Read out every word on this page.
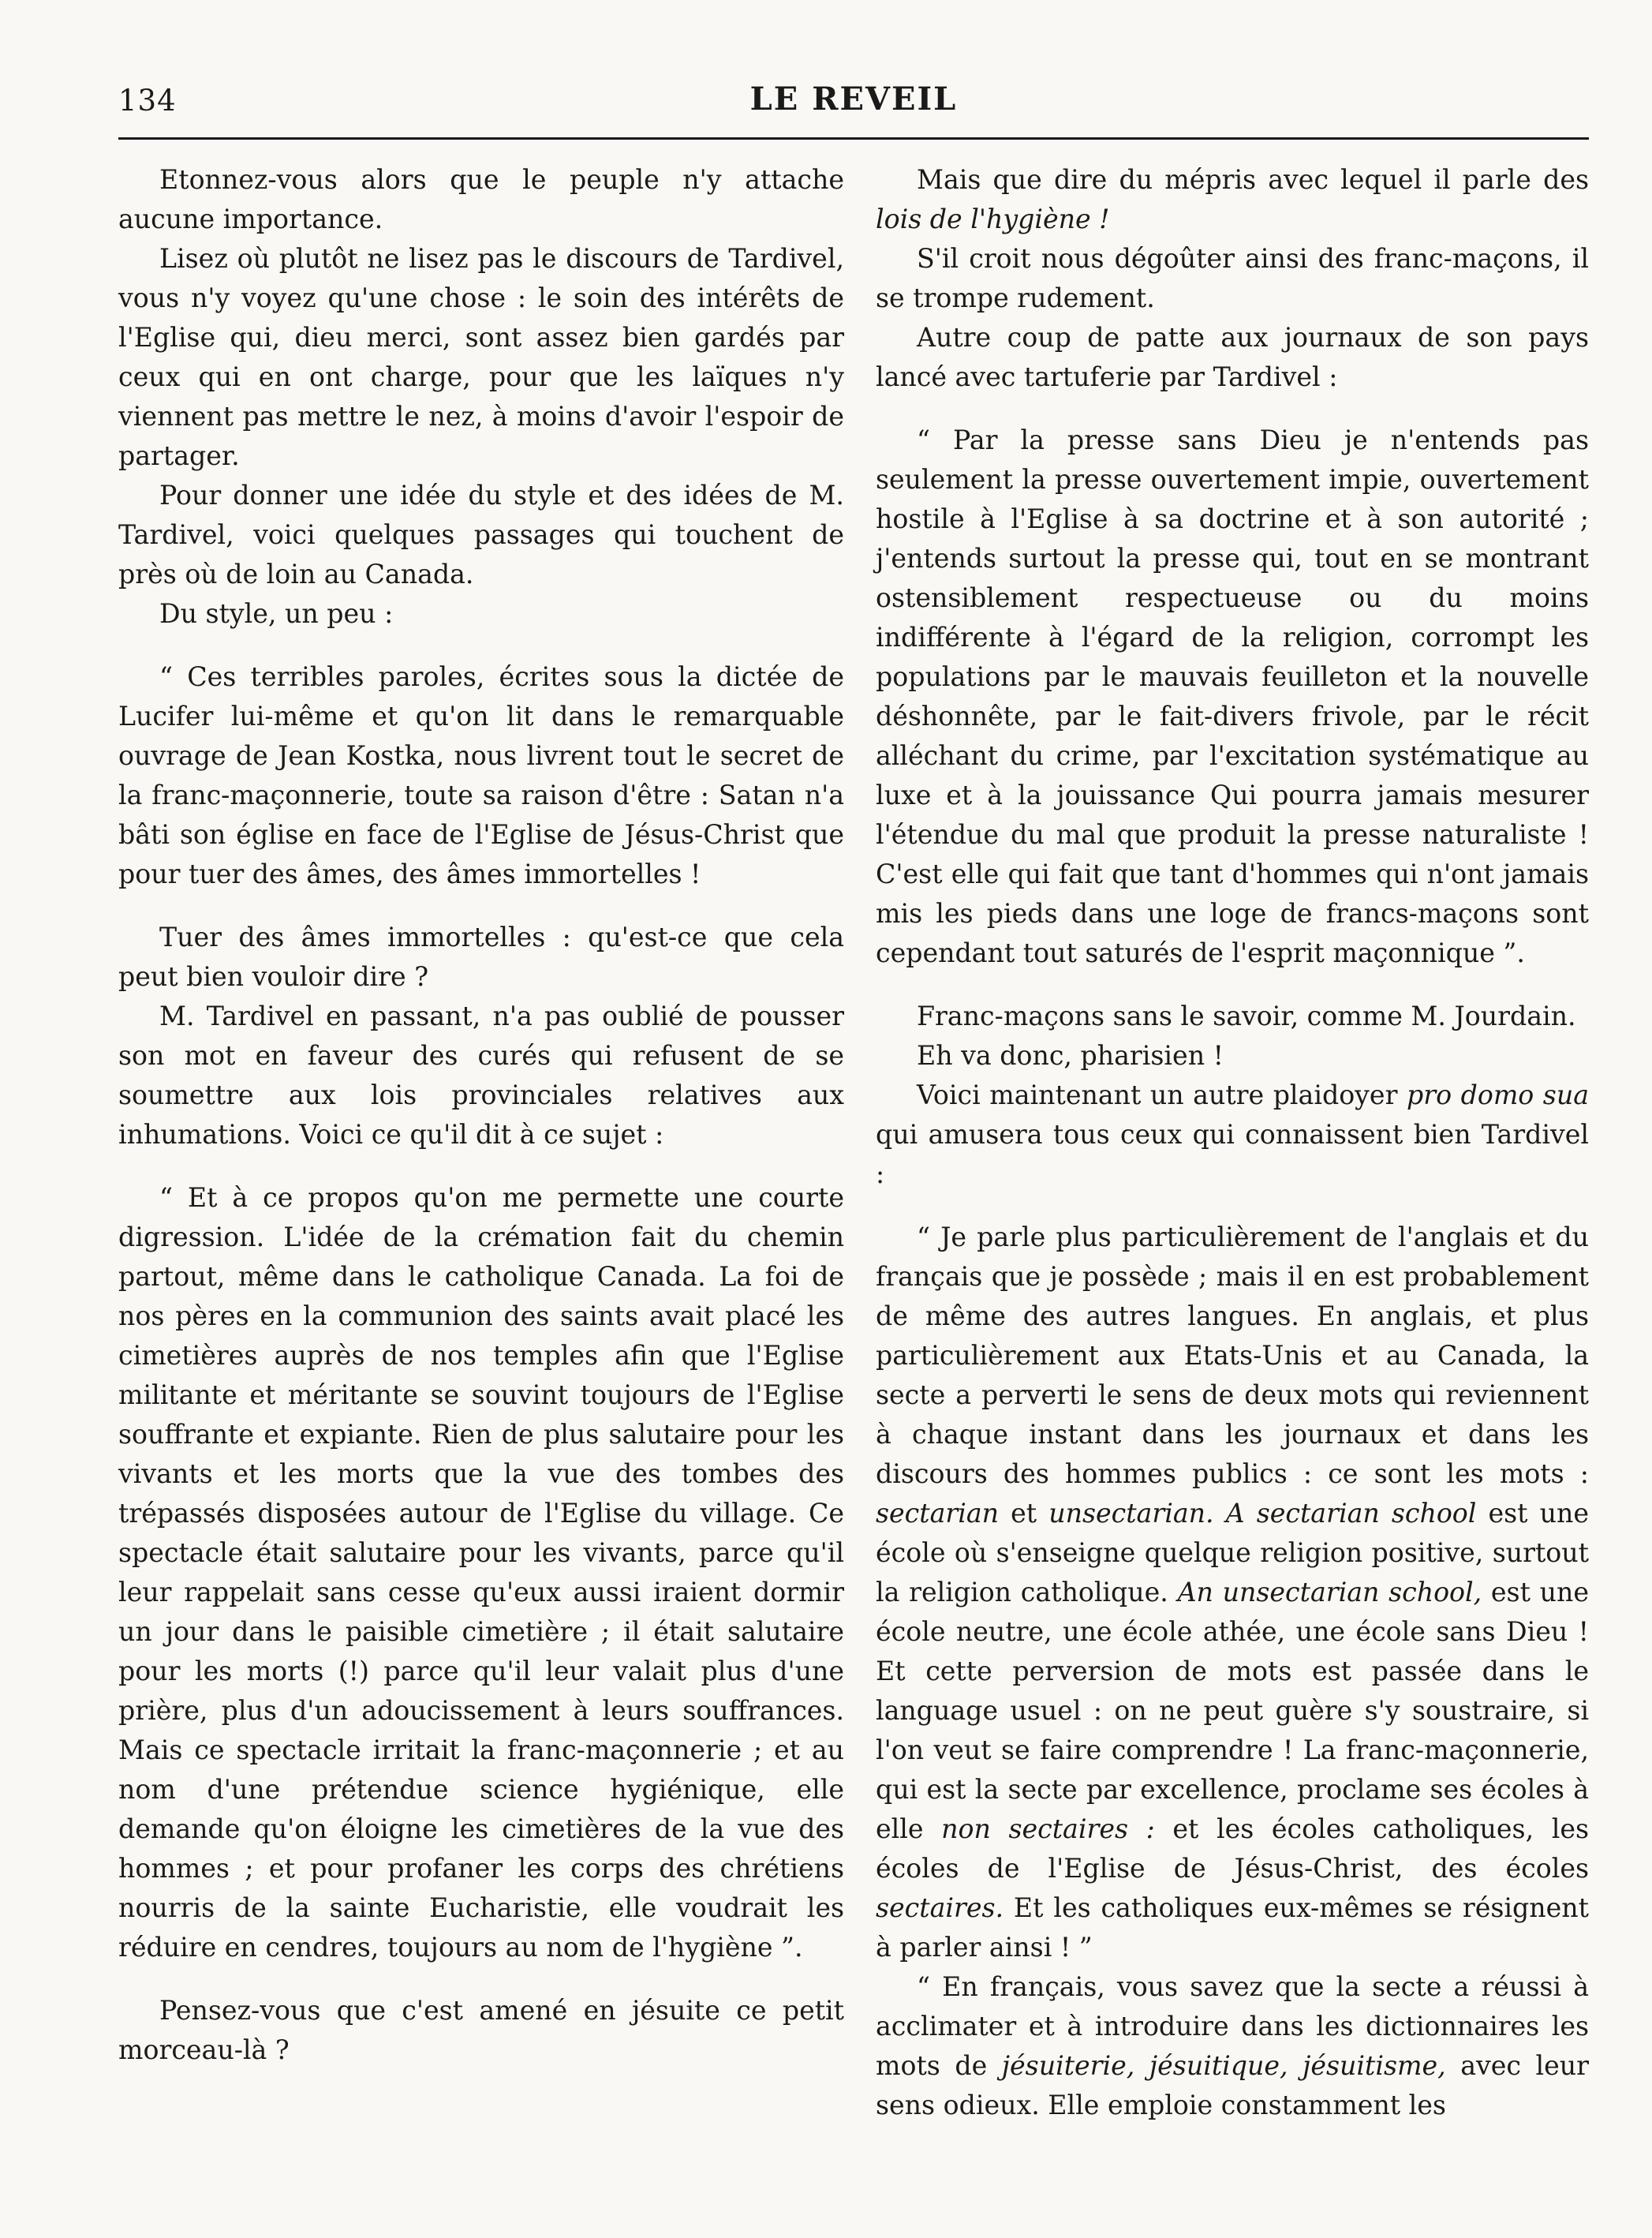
134	LE REVEIL

Etonnez-vous alors que le peuple n'y attache aucune importance.

Lisez où plutôt ne lisez pas le discours de Tardivel, vous n'y voyez qu'une chose : le soin des intérêts de l'Eglise qui, dieu merci, sont assez bien gardés par ceux qui en ont charge, pour que les laïques n'y viennent pas mettre le nez, à moins d'avoir l'espoir de partager.

Pour donner une idée du style et des idées de M. Tardivel, voici quelques passages qui touchent de près où de loin au Canada.

Du style, un peu :

“ Ces terribles paroles, écrites sous la dictée de Lucifer lui-même et qu'on lit dans le remarquable ouvrage de Jean Kostka, nous livrent tout le secret de la franc-maçonnerie, toute sa raison d'être : Satan n'a bâti son église en face de l'Eglise de Jésus-Christ que pour tuer des âmes, des âmes immortelles !

Tuer des âmes immortelles : qu'est-ce que cela peut bien vouloir dire ?

M. Tardivel en passant, n'a pas oublié de pousser son mot en faveur des curés qui refusent de se soumettre aux lois provinciales relatives aux inhumations. Voici ce qu'il dit à ce sujet :

“ Et à ce propos qu'on me permette une courte digression. L'idée de la crémation fait du chemin partout, même dans le catholique Canada. La foi de nos pères en la communion des saints avait placé les cimetières auprès de nos temples afin que l'Eglise militante et méritante se souvint toujours de l'Eglise souffrante et expiante. Rien de plus salutaire pour les vivants et les morts que la vue des tombes des trépassés disposées autour de l'Eglise du village. Ce spectacle était salutaire pour les vivants, parce qu'il leur rappelait sans cesse qu'eux aussi iraient dormir un jour dans le paisible cimetière ; il était salutaire pour les morts (!) parce qu'il leur valait plus d'une prière, plus d'un adoucissement à leurs souffrances. Mais ce spectacle irritait la franc-maçonnerie ; et au nom d'une prétendue science hygiénique, elle demande qu'on éloigne les cimetières de la vue des hommes ; et pour profaner les corps des chrétiens nourris de la sainte Eucharistie, elle voudrait les réduire en cendres, toujours au nom de l'hygiène ”.

Pensez-vous que c'est amené en jésuite ce petit morceau-là ?

Mais que dire du mépris avec lequel il parle des lois de l'hygiène !

S'il croit nous dégoûter ainsi des franc-maçons, il se trompe rudement.

Autre coup de patte aux journaux de son pays lancé avec tartuferie par Tardivel :

“ Par la presse sans Dieu je n'entends pas seulement la presse ouvertement impie, ouvertement hostile à l'Eglise à sa doctrine et à son autorité ; j'entends surtout la presse qui, tout en se montrant ostensiblement respectueuse ou du moins indifférente à l'égard de la religion, corrompt les populations par le mauvais feuilleton et la nouvelle déshonnête, par le fait-divers frivole, par le récit alléchant du crime, par l'excitation systématique au luxe et à la jouissance Qui pourra jamais mesurer l'étendue du mal que produit la presse naturaliste ! C'est elle qui fait que tant d'hommes qui n'ont jamais mis les pieds dans une loge de francs-maçons sont cependant tout saturés de l'esprit maçonnique ”.

Franc-maçons sans le savoir, comme M. Jourdain.

Eh va donc, pharisien !

Voici maintenant un autre plaidoyer pro domo sua qui amusera tous ceux qui connaissent bien Tardivel :

“ Je parle plus particulièrement de l'anglais et du français que je possède ; mais il en est probablement de même des autres langues. En anglais, et plus particulièrement aux Etats-Unis et au Canada, la secte a perverti le sens de deux mots qui reviennent à chaque instant dans les journaux et dans les discours des hommes publics : ce sont les mots : sectarian et unsectarian. A sectarian school est une école où s'enseigne quelque religion positive, surtout la religion catholique. An unsectarian school, est une école neutre, une école athée, une école sans Dieu ! Et cette perversion de mots est passée dans le language usuel : on ne peut guère s'y soustraire, si l'on veut se faire comprendre ! La franc-maçonnerie, qui est la secte par excellence, proclame ses écoles à elle non sectaires : et les écoles catholiques, les écoles de l'Eglise de Jésus-Christ, des écoles sectaires. Et les catholiques eux-mêmes se résignent à parler ainsi ! ”

“ En français, vous savez que la secte a réussi à acclimater et à introduire dans les dictionnaires les mots de jésuiterie, jésuitique, jésuitisme, avec leur sens odieux. Elle emploie constamment les
